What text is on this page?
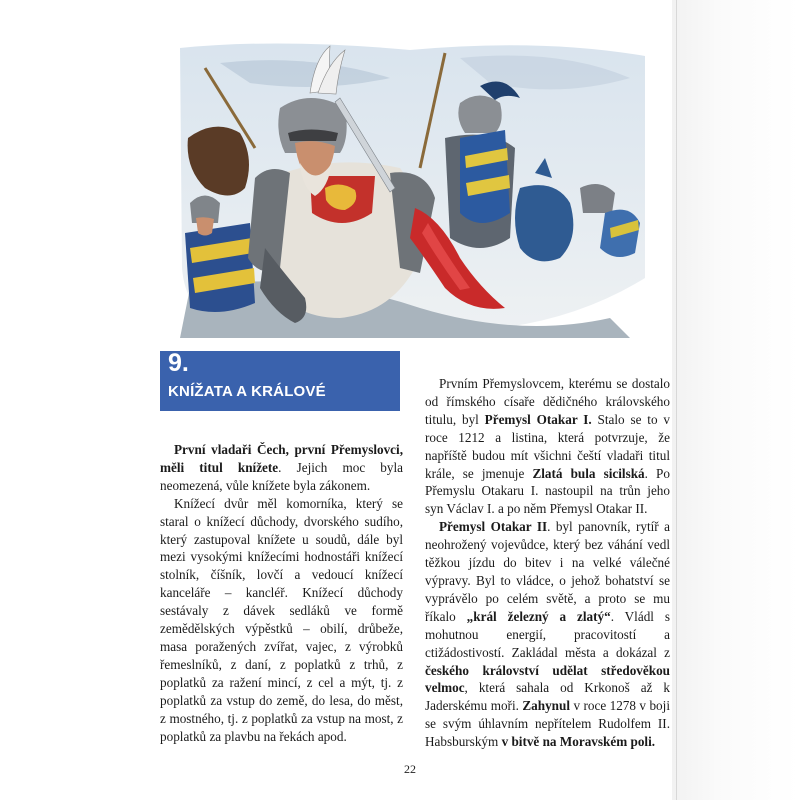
9.
KNÍŽATA A KRÁLOVÉ

První vladaři Čech, první Přemyslovci, měli titul knížete. Jejich moc byla neomezená, vůle knížete byla zákonem.

Knížecí dvůr měl komorníka, který se staral o knížecí důchody, dvorského sudího, který zastupoval knížete u soudů, dále byl mezi vysokými knížecími hodnostáři knížecí stolník, číšník, lovčí a vedoucí knížecí kanceláře – kancléř. Knížecí důchody sestávaly z dávek sedláků ve formě zemědělských výpěstků – obilí, drůbeže, masa poražených zvířat, vajec, z výrobků řemeslníků, z daní, z poplatků z trhů, z poplatků za ražení mincí, z cel a mýt, tj. z poplatků za vstup do země, do lesa, do měst, z mostného, tj. z poplatků za vstup na most, z poplatků za plavbu na řekách apod.

Prvním Přemyslovcem, kterému se dostalo od římského císaře dědičného královského titulu, byl Přemysl Otakar I. Stalo se to v roce 1212 a listina, která potvrzuje, že napříště budou mít všichni čeští vladaři titul krále, se jmenuje Zlatá bula sicilská. Po Přemyslu Otakaru I. nastoupil na trůn jeho syn Václav I. a po něm Přemysl Otakar II.

Přemysl Otakar II. byl panovník, rytíř a neohrožený vojevůdce, který bez váhání vedl těžkou jízdu do bitev i na velké válečné výpravy. Byl to vládce, o jehož bohatství se vyprávělo po celém světě, a proto se mu říkalo „král železný a zlatý“. Vládl s mohutnou energií, pracovitostí a ctižádostivostí. Zakládal města a dokázal z českého království udělat středověkou velmoc, která sahala od Krkonoš až k Jaderskému moři. Zahynul v roce 1278 v boji se svým úhlavním nepřítelem Rudolfem II. Habsburským v bitvě na Moravském poli.

22
